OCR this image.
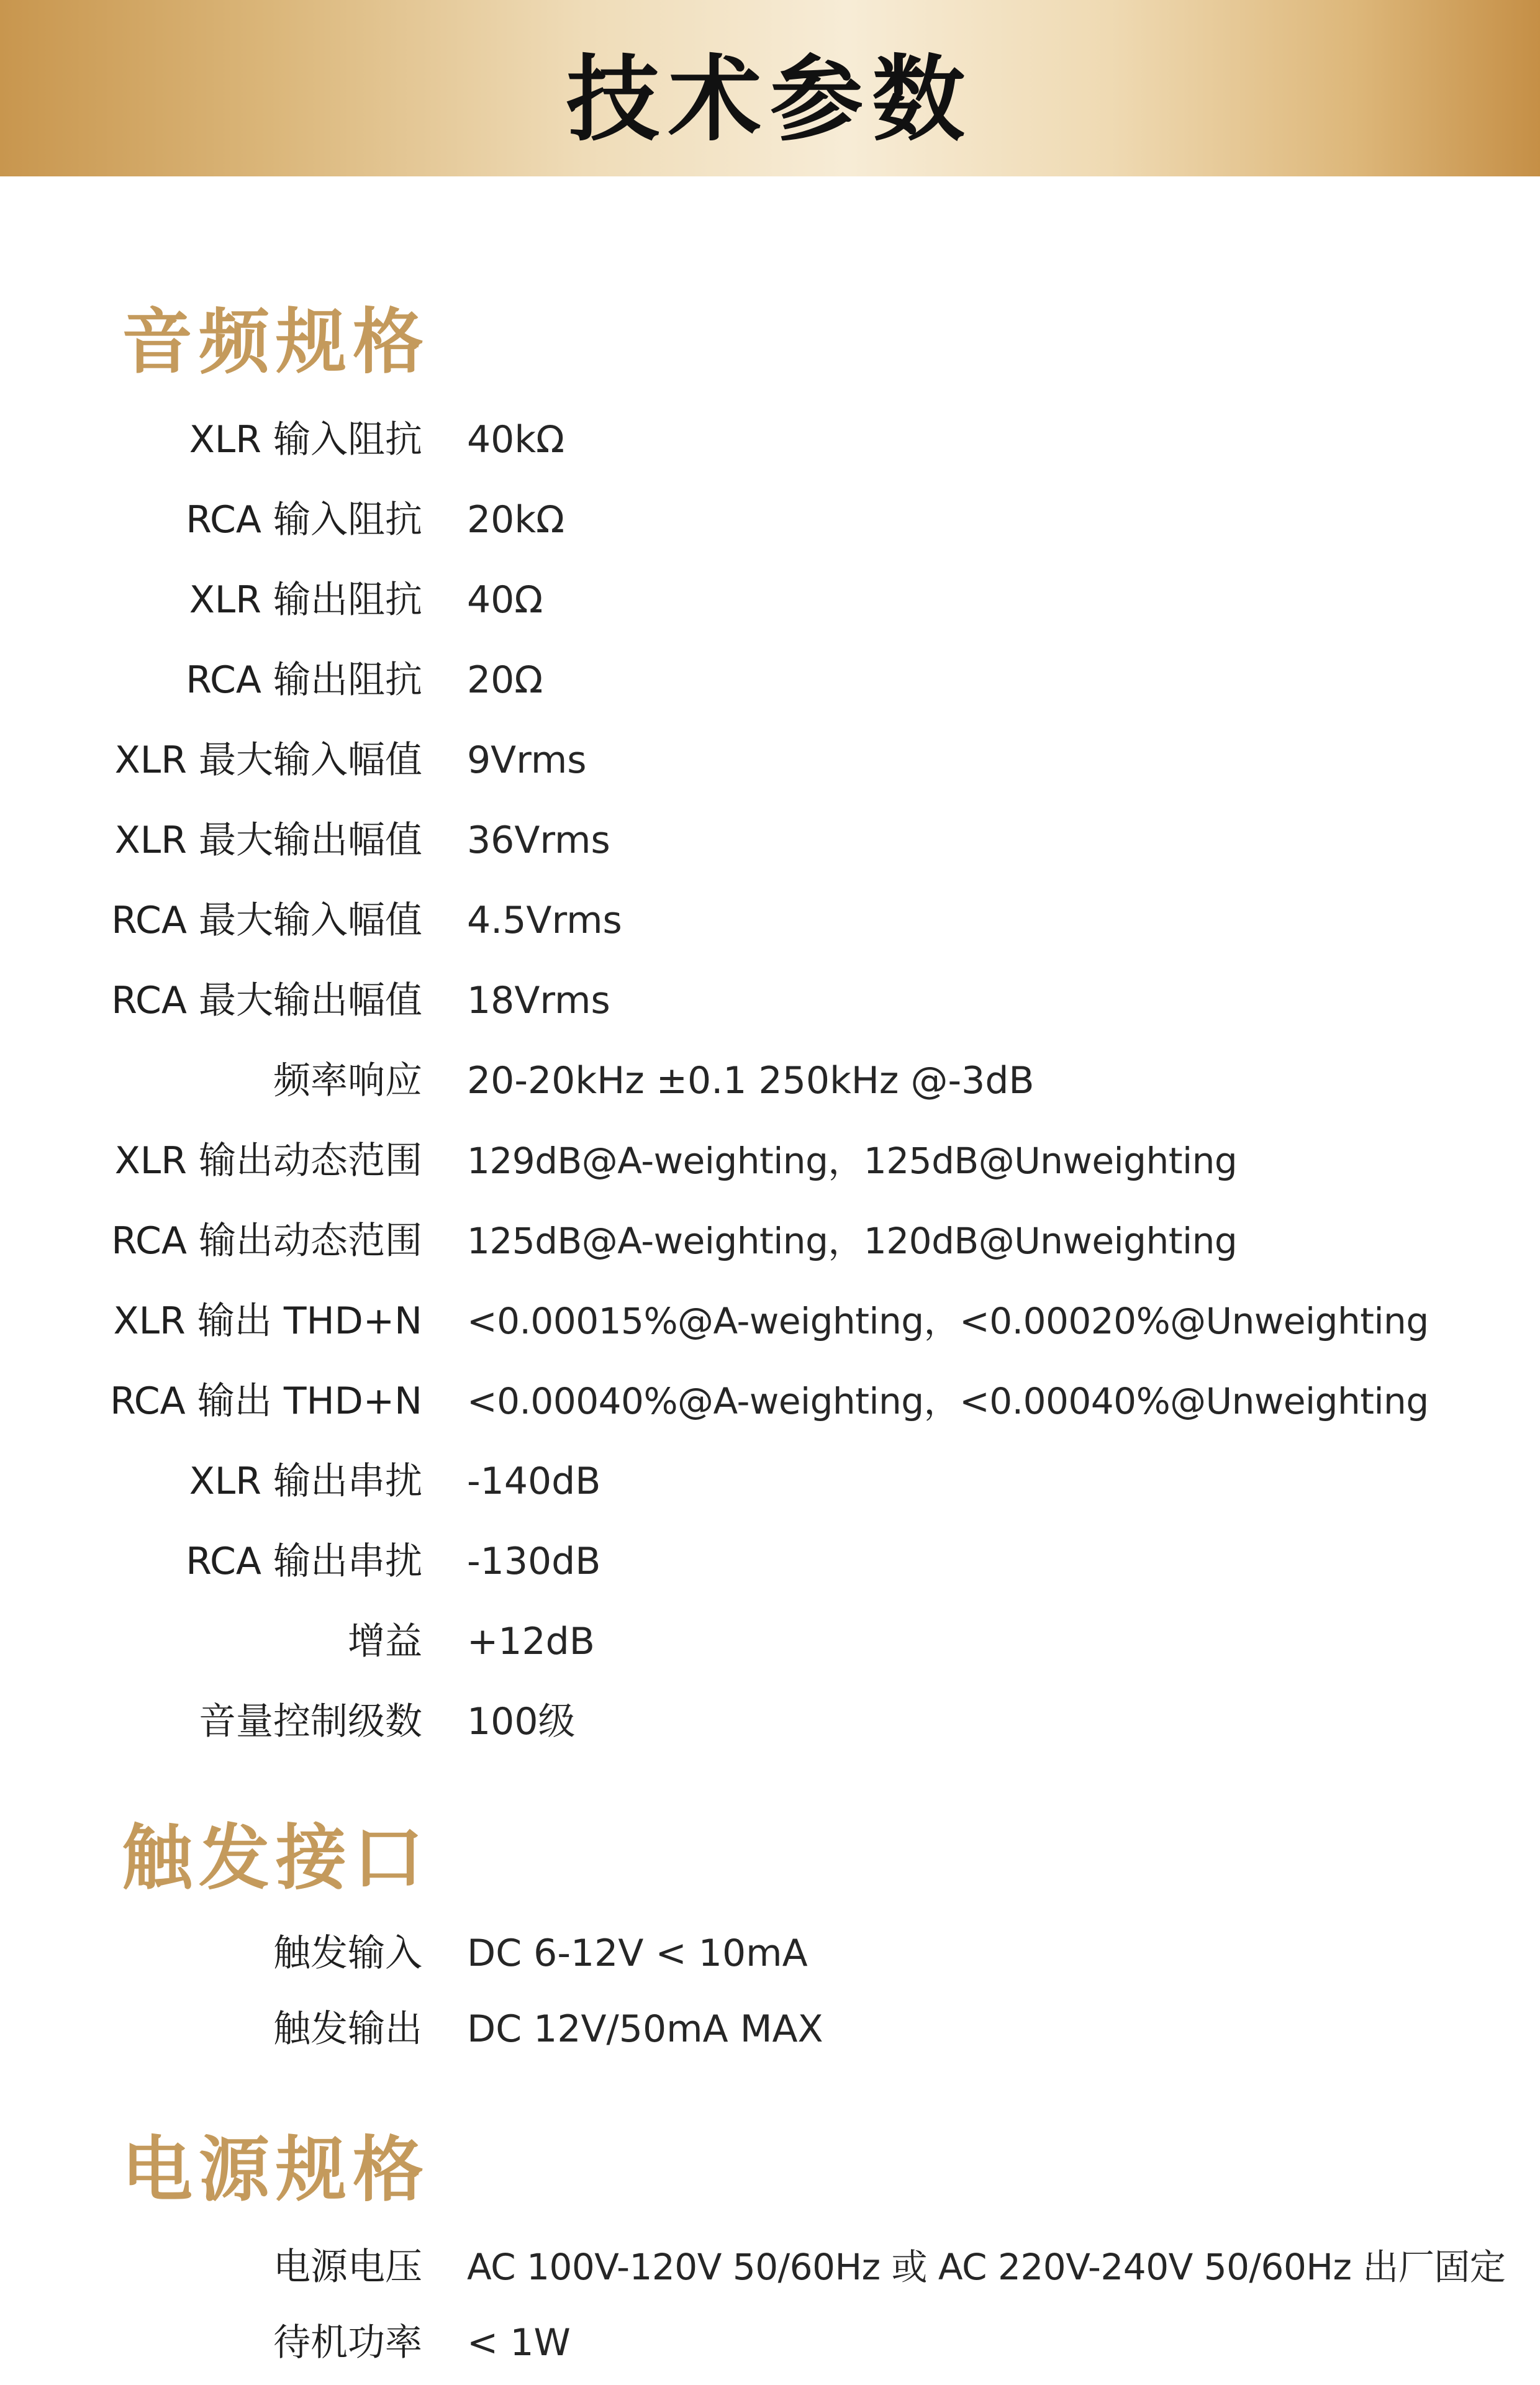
技术参数
音频规格
XLR 输入阻抗 40kΩ
RCA 输入阻抗 20kΩ
XLR 输出阻抗 40Ω
RCA 输出阻抗 20Ω
XLR 最大输入幅值 9Vrms
XLR 最大输出幅值 36Vrms
RCA 最大输入幅值 4.5Vrms
RCA 最大输出幅值 18Vrms
频率响应 20-20kHz ±0.1 250kHz @-3dB
XLR 输出动态范围 129dB@A-weighting，125dB@Unweighting
RCA 输出动态范围 125dB@A-weighting，120dB@Unweighting
XLR 输出 THD+N <0.00015%@A-weighting，<0.00020%@Unweighting
RCA 输出 THD+N <0.00040%@A-weighting，<0.00040%@Unweighting
XLR 输出串扰 -140dB
RCA 输出串扰 -130dB
增益 +12dB
音量控制级数 100级
触发接口
触发输入 DC 6-12V < 10mA
触发输出 DC 12V/50mA MAX
电源规格
电源电压 AC 100V-120V 50/60Hz 或 AC 220V-240V 50/60Hz 出厂固定
待机功率 < 1W
